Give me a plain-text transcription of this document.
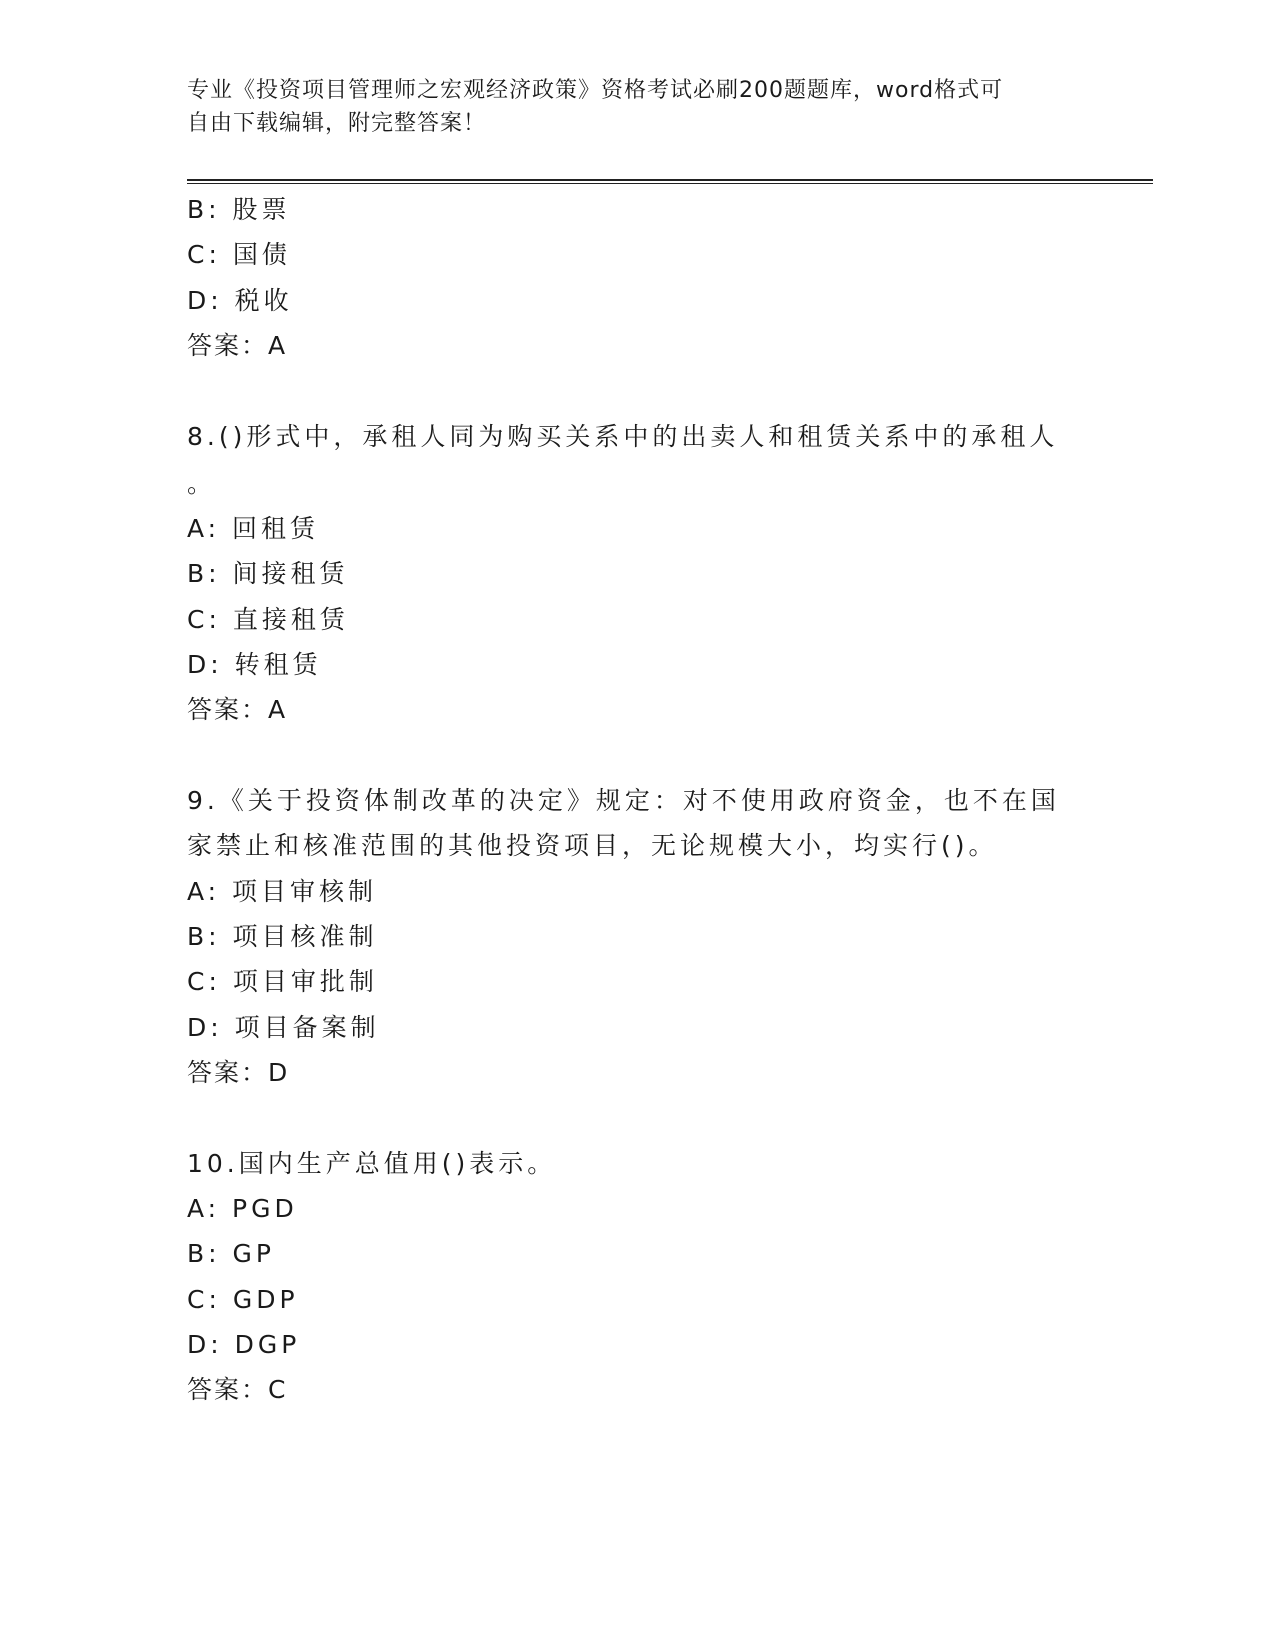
专业《投资项目管理师之宏观经济政策》资格考试必刷200题题库，word格式可
自由下载编辑，附完整答案！
B: 股票
C: 国债
D: 税收
答案：A
8.()形式中，承租人同为购买关系中的出卖人和租赁关系中的承租人
。
A: 回租赁
B: 间接租赁
C: 直接租赁
D: 转租赁
答案：A
9.《关于投资体制改革的决定》规定：对不使用政府资金，也不在国
家禁止和核准范围的其他投资项目，无论规模大小，均实行()。
A: 项目审核制
B: 项目核准制
C: 项目审批制
D: 项目备案制
答案：D
10.国内生产总值用()表示。
A: PGD
B: GP
C: GDP
D: DGP
答案：C
